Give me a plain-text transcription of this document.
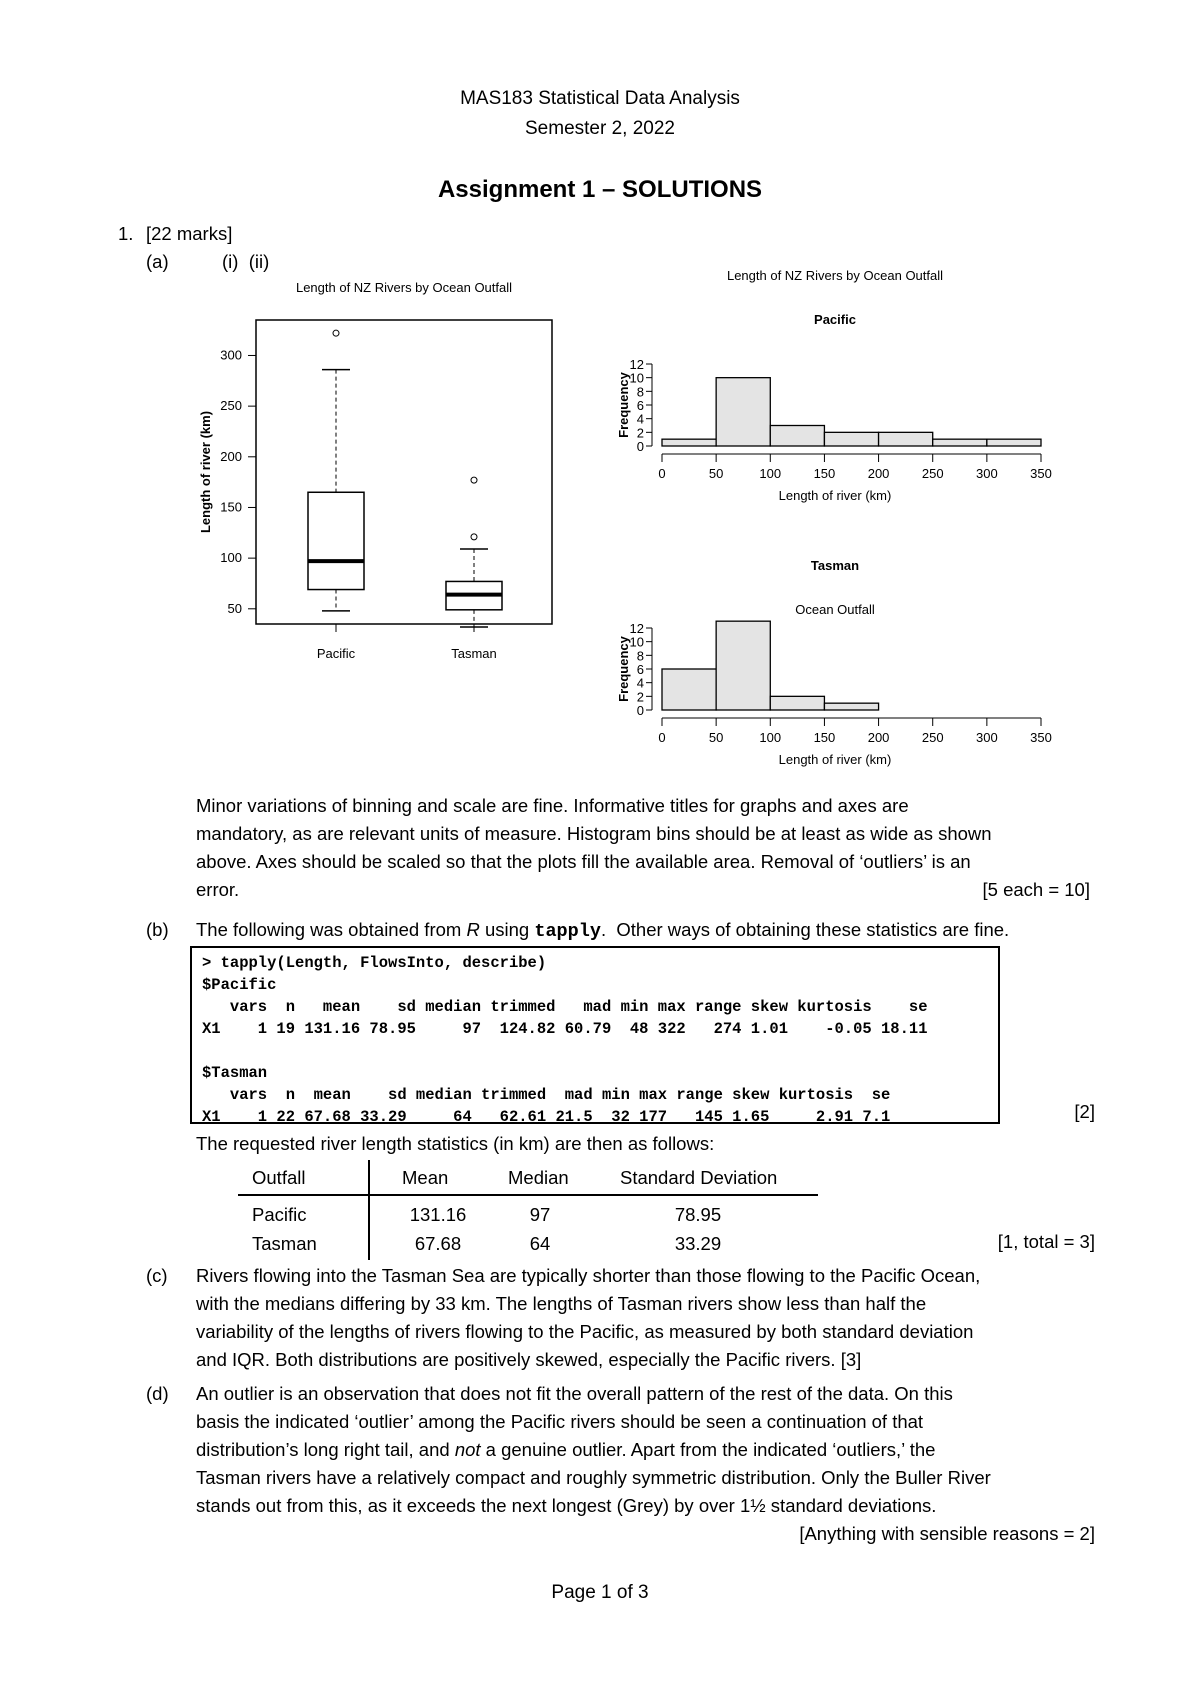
MAS183 Statistical Data Analysis
Semester 2, 2022
Assignment 1 – SOLUTIONS
1. [22 marks]
(a)	(i)  (ii)
Length of NZ Rivers by Ocean Outfall
50
100
150
200
250
300
Length of river (km)
Pacific	Tasman
Length of NZ Rivers by Ocean Outfall
Pacific
0
2
4
6
8
10
12
Frequency
0	50	100 150 200 250 300 350
Length of river (km)
Tasman
Ocean Outfall
0
2
4
6
8
10
12
Frequency
0	50	100 150 200 250 300 350
Length of river (km)
Minor variations of binning and scale are fine. Informative titles for graphs and axes are
mandatory, as are relevant units of measure. Histogram bins should be at least as wide as shown
above. Axes should be scaled so that the plots fill the available area. Removal of ‘outliers’ is an
error.	[5 each = 10]
(b) The following was obtained from R using tapply.  Other ways of obtaining these statistics are fine.
> tapply(Length, FlowsInto, describe)
$Pacific
vars  n   mean    sd median trimmed   mad min max range skew kurtosis    se
X1    1 19 131.16 78.95     97  124.82 60.79  48 322   274 1.01    -0.05 18.11

$Tasman
vars  n  mean    sd median trimmed  mad min max range skew kurtosis  se
X1    1 22 67.68 33.29     64   62.61 21.5  32 177   145 1.65     2.91 7.1	[2]
The requested river length statistics (in km) are then as follows:
Outfall	Mean	Median	Standard Deviation
Pacific	131.16	97	78.95
Tasman	67.68	64	33.29	[1, total = 3]
(c) Rivers flowing into the Tasman Sea are typically shorter than those flowing to the Pacific Ocean,
with the medians differing by 33 km. The lengths of Tasman rivers show less than half the
variability of the lengths of rivers flowing to the Pacific, as measured by both standard deviation
and IQR. Both distributions are positively skewed, especially the Pacific rivers. [3]
(d) An outlier is an observation that does not fit the overall pattern of the rest of the data. On this
basis the indicated ‘outlier’ among the Pacific rivers should be seen a continuation of that
distribution’s long right tail, and not a genuine outlier. Apart from the indicated ‘outliers,’ the
Tasman rivers have a relatively compact and roughly symmetric distribution. Only the Buller River
stands out from this, as it exceeds the next longest (Grey) by over 1½ standard deviations.
[Anything with sensible reasons = 2]
Page 1 of 3
